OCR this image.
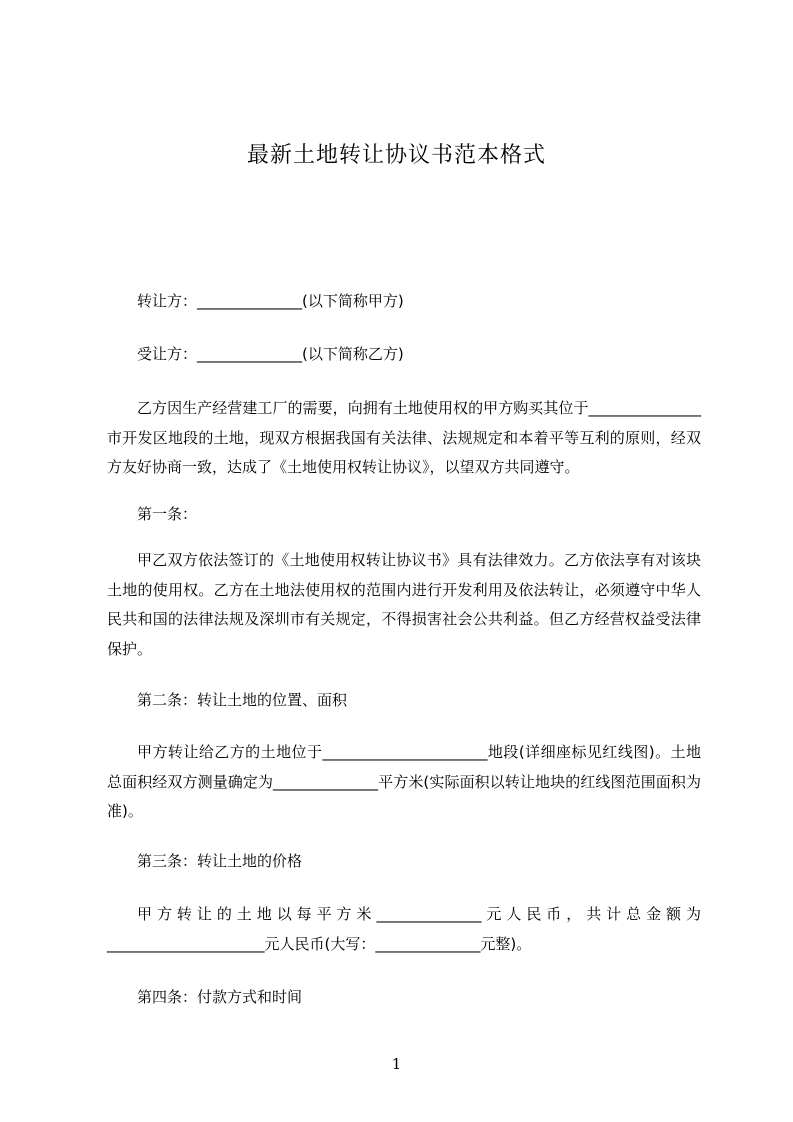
最新土地转让协议书范本格式
转让方：______________(以下简称甲方)
受让方：______________(以下简称乙方)
乙方因生产经营建工厂的需要，向拥有土地使用权的甲方购买其位于_______________市开发区地段的土地，现双方根据我国有关法律、法规规定和本着平等互利的原则，经双方友好协商一致，达成了《土地使用权转让协议》，以望双方共同遵守。
第一条：
甲乙双方依法签订的《土地使用权转让协议书》具有法律效力。乙方依法享有对该块土地的使用权。乙方在土地法使用权的范围内进行开发利用及依法转让，必须遵守中华人民共和国的法律法规及深圳市有关规定，不得损害社会公共利益。但乙方经营权益受法律保护。
第二条：转让土地的位置、面积
甲方转让给乙方的土地位于______________________地段(详细座标见红线图)。土地总面积经双方测量确定为______________平方米(实际面积以转让地块的红线图范围面积为准)。
第三条：转让土地的价格
甲方转让的土地以每平方米______________元人民币，共计总金额为_____________________元人民币(大写：______________元整)。
第四条：付款方式和时间
1
